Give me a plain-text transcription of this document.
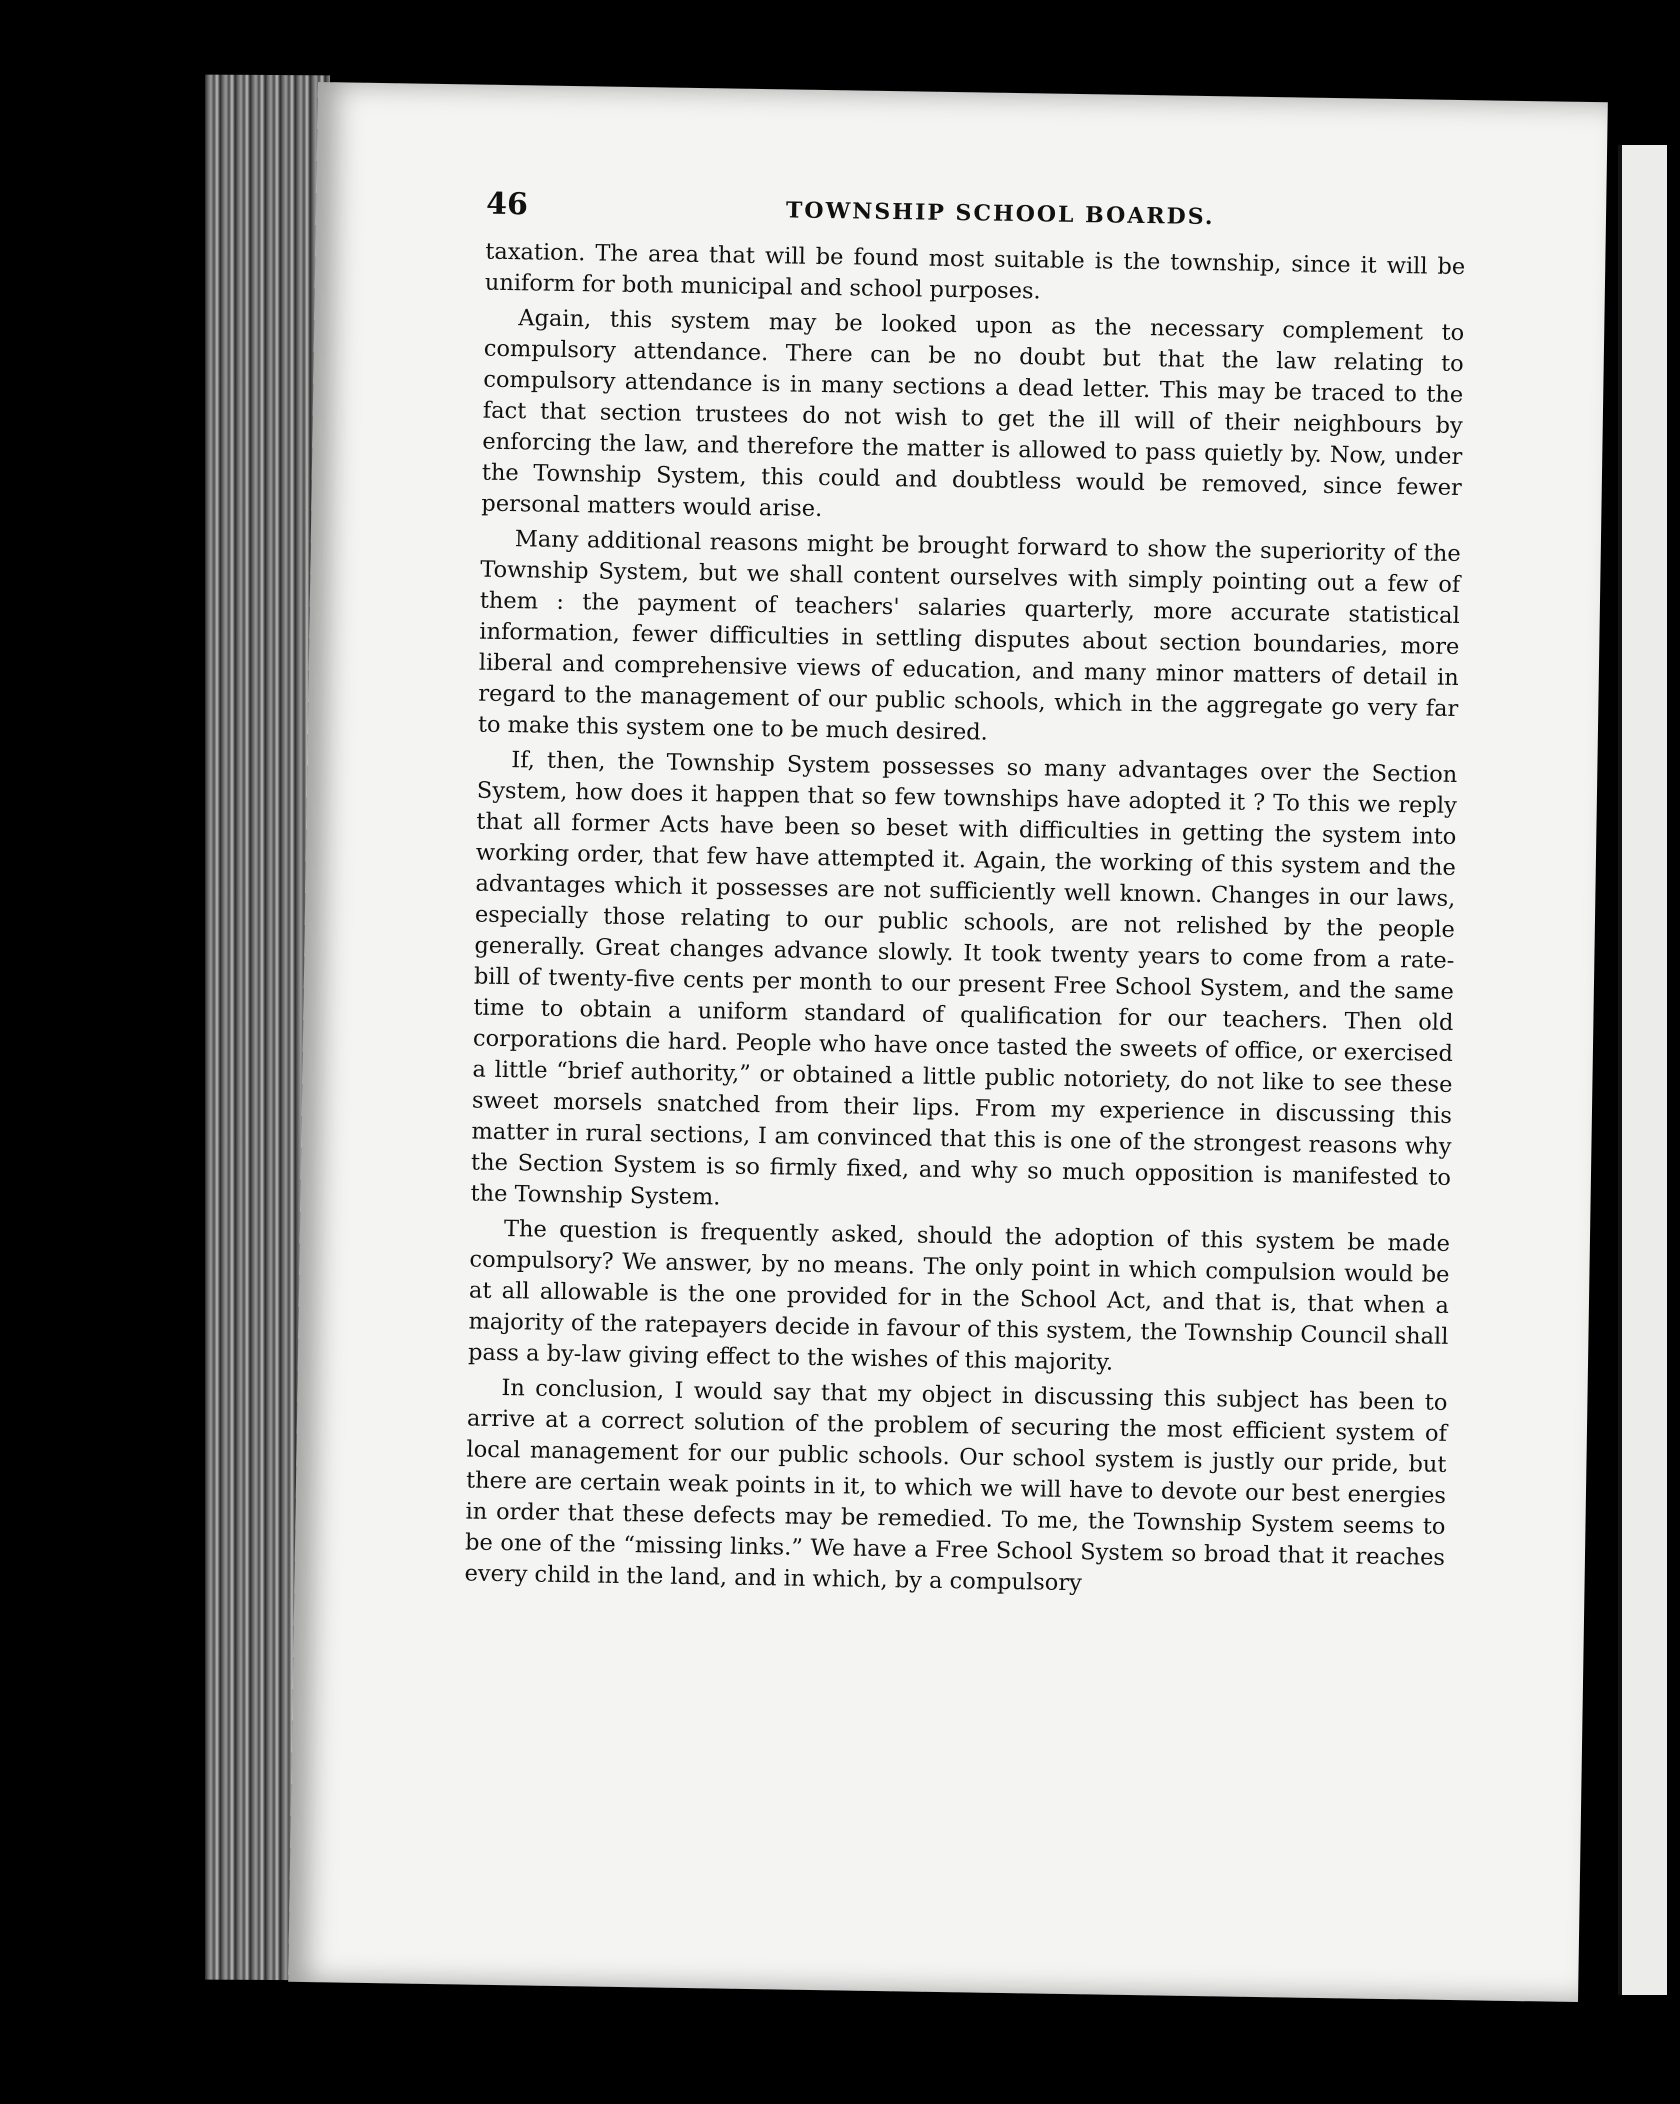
46	TOWNSHIP SCHOOL BOARDS.

taxation. The area that will be found most suitable is the township, since it will be uniform for both municipal and school purposes.

Again, this system may be looked upon as the necessary complement to compulsory attendance. There can be no doubt but that the law relating to compulsory attendance is in many sections a dead letter. This may be traced to the fact that section trustees do not wish to get the ill will of their neighbours by enforcing the law, and therefore the matter is allowed to pass quietly by. Now, under the Township System, this could and doubtless would be removed, since fewer personal matters would arise.

Many additional reasons might be brought forward to show the superiority of the Township System, but we shall content ourselves with simply pointing out a few of them : the payment of teachers' salaries quarterly, more accurate statistical information, fewer difficulties in settling disputes about section boundaries, more liberal and comprehensive views of education, and many minor matters of detail in regard to the management of our public schools, which in the aggregate go very far to make this system one to be much desired.

If, then, the Township System possesses so many advantages over the Section System, how does it happen that so few townships have adopted it ? To this we reply that all former Acts have been so beset with difficulties in getting the system into working order, that few have attempted it. Again, the working of this system and the advantages which it possesses are not sufficiently well known. Changes in our laws, especially those relating to our public schools, are not relished by the people generally. Great changes advance slowly. It took twenty years to come from a rate-bill of twenty-five cents per month to our present Free School System, and the same time to obtain a uniform standard of qualification for our teachers. Then old corporations die hard. People who have once tasted the sweets of office, or exercised a little “brief authority,” or obtained a little public notoriety, do not like to see these sweet morsels snatched from their lips. From my experience in discussing this matter in rural sections, I am convinced that this is one of the strongest reasons why the Section System is so firmly fixed, and why so much opposition is manifested to the Township System.

The question is frequently asked, should the adoption of this system be made compulsory? We answer, by no means. The only point in which compulsion would be at all allowable is the one provided for in the School Act, and that is, that when a majority of the ratepayers decide in favour of this system, the Township Council shall pass a by-law giving effect to the wishes of this majority.

In conclusion, I would say that my object in discussing this subject has been to arrive at a correct solution of the problem of securing the most efficient system of local management for our public schools. Our school system is justly our pride, but there are certain weak points in it, to which we will have to devote our best energies in order that these defects may be remedied. To me, the Township System seems to be one of the “missing links.” We have a Free School System so broad that it reaches every child in the land, and in which, by a compulsory
